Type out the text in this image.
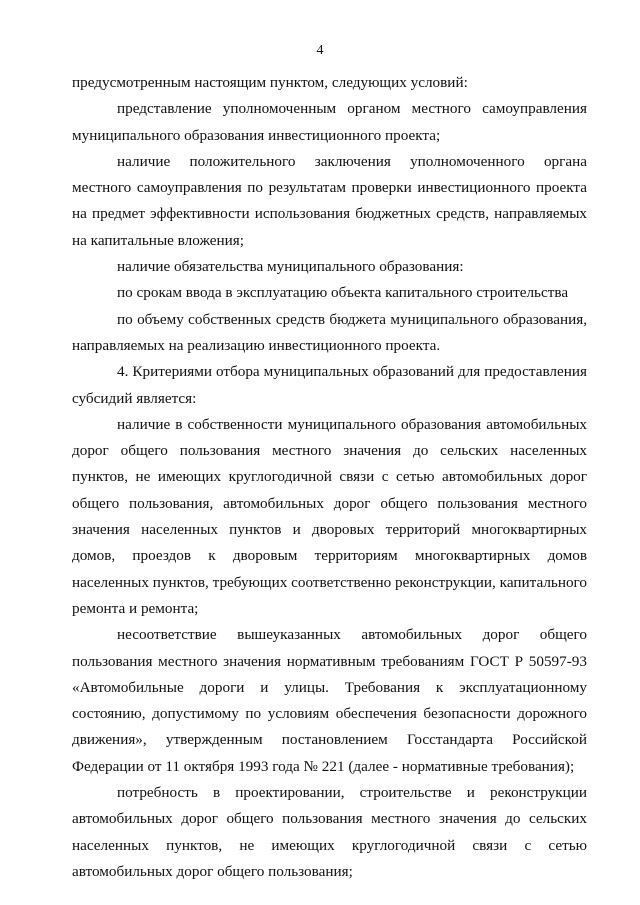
4

предусмотренным настоящим пунктом, следующих условий:

представление уполномоченным органом местного самоуправления муниципального образования инвестиционного проекта;

наличие положительного заключения уполномоченного органа местного самоуправления по результатам проверки инвестиционного проекта на предмет эффективности использования бюджетных средств, направляемых на капитальные вложения;

наличие обязательства муниципального образования:

по срокам ввода в эксплуатацию объекта капитального строительства

по объему собственных средств бюджета муниципального образования, направляемых на реализацию инвестиционного проекта.

4. Критериями отбора муниципальных образований для предоставления субсидий является:

наличие в собственности муниципального образования автомобильных дорог общего пользования местного значения до сельских населенных пунктов, не имеющих круглогодичной связи с сетью автомобильных дорог общего пользования, автомобильных дорог общего пользования местного значения населенных пунктов и дворовых территорий многоквартирных домов, проездов к дворовым территориям многоквартирных домов населенных пунктов, требующих соответственно реконструкции, капитального ремонта и ремонта;

несоответствие вышеуказанных автомобильных дорог общего пользования местного значения нормативным требованиям ГОСТ Р 50597-93 «Автомобильные дороги и улицы. Требования к эксплуатационному состоянию, допустимому по условиям обеспечения безопасности дорожного движения», утвержденным постановлением Госстандарта Российской Федерации от 11 октября 1993 года № 221 (далее - нормативные требования);

потребность в проектировании, строительстве и реконструкции автомобильных дорог общего пользования местного значения до сельских населенных пунктов, не имеющих круглогодичной связи с сетью автомобильных дорог общего пользования;
